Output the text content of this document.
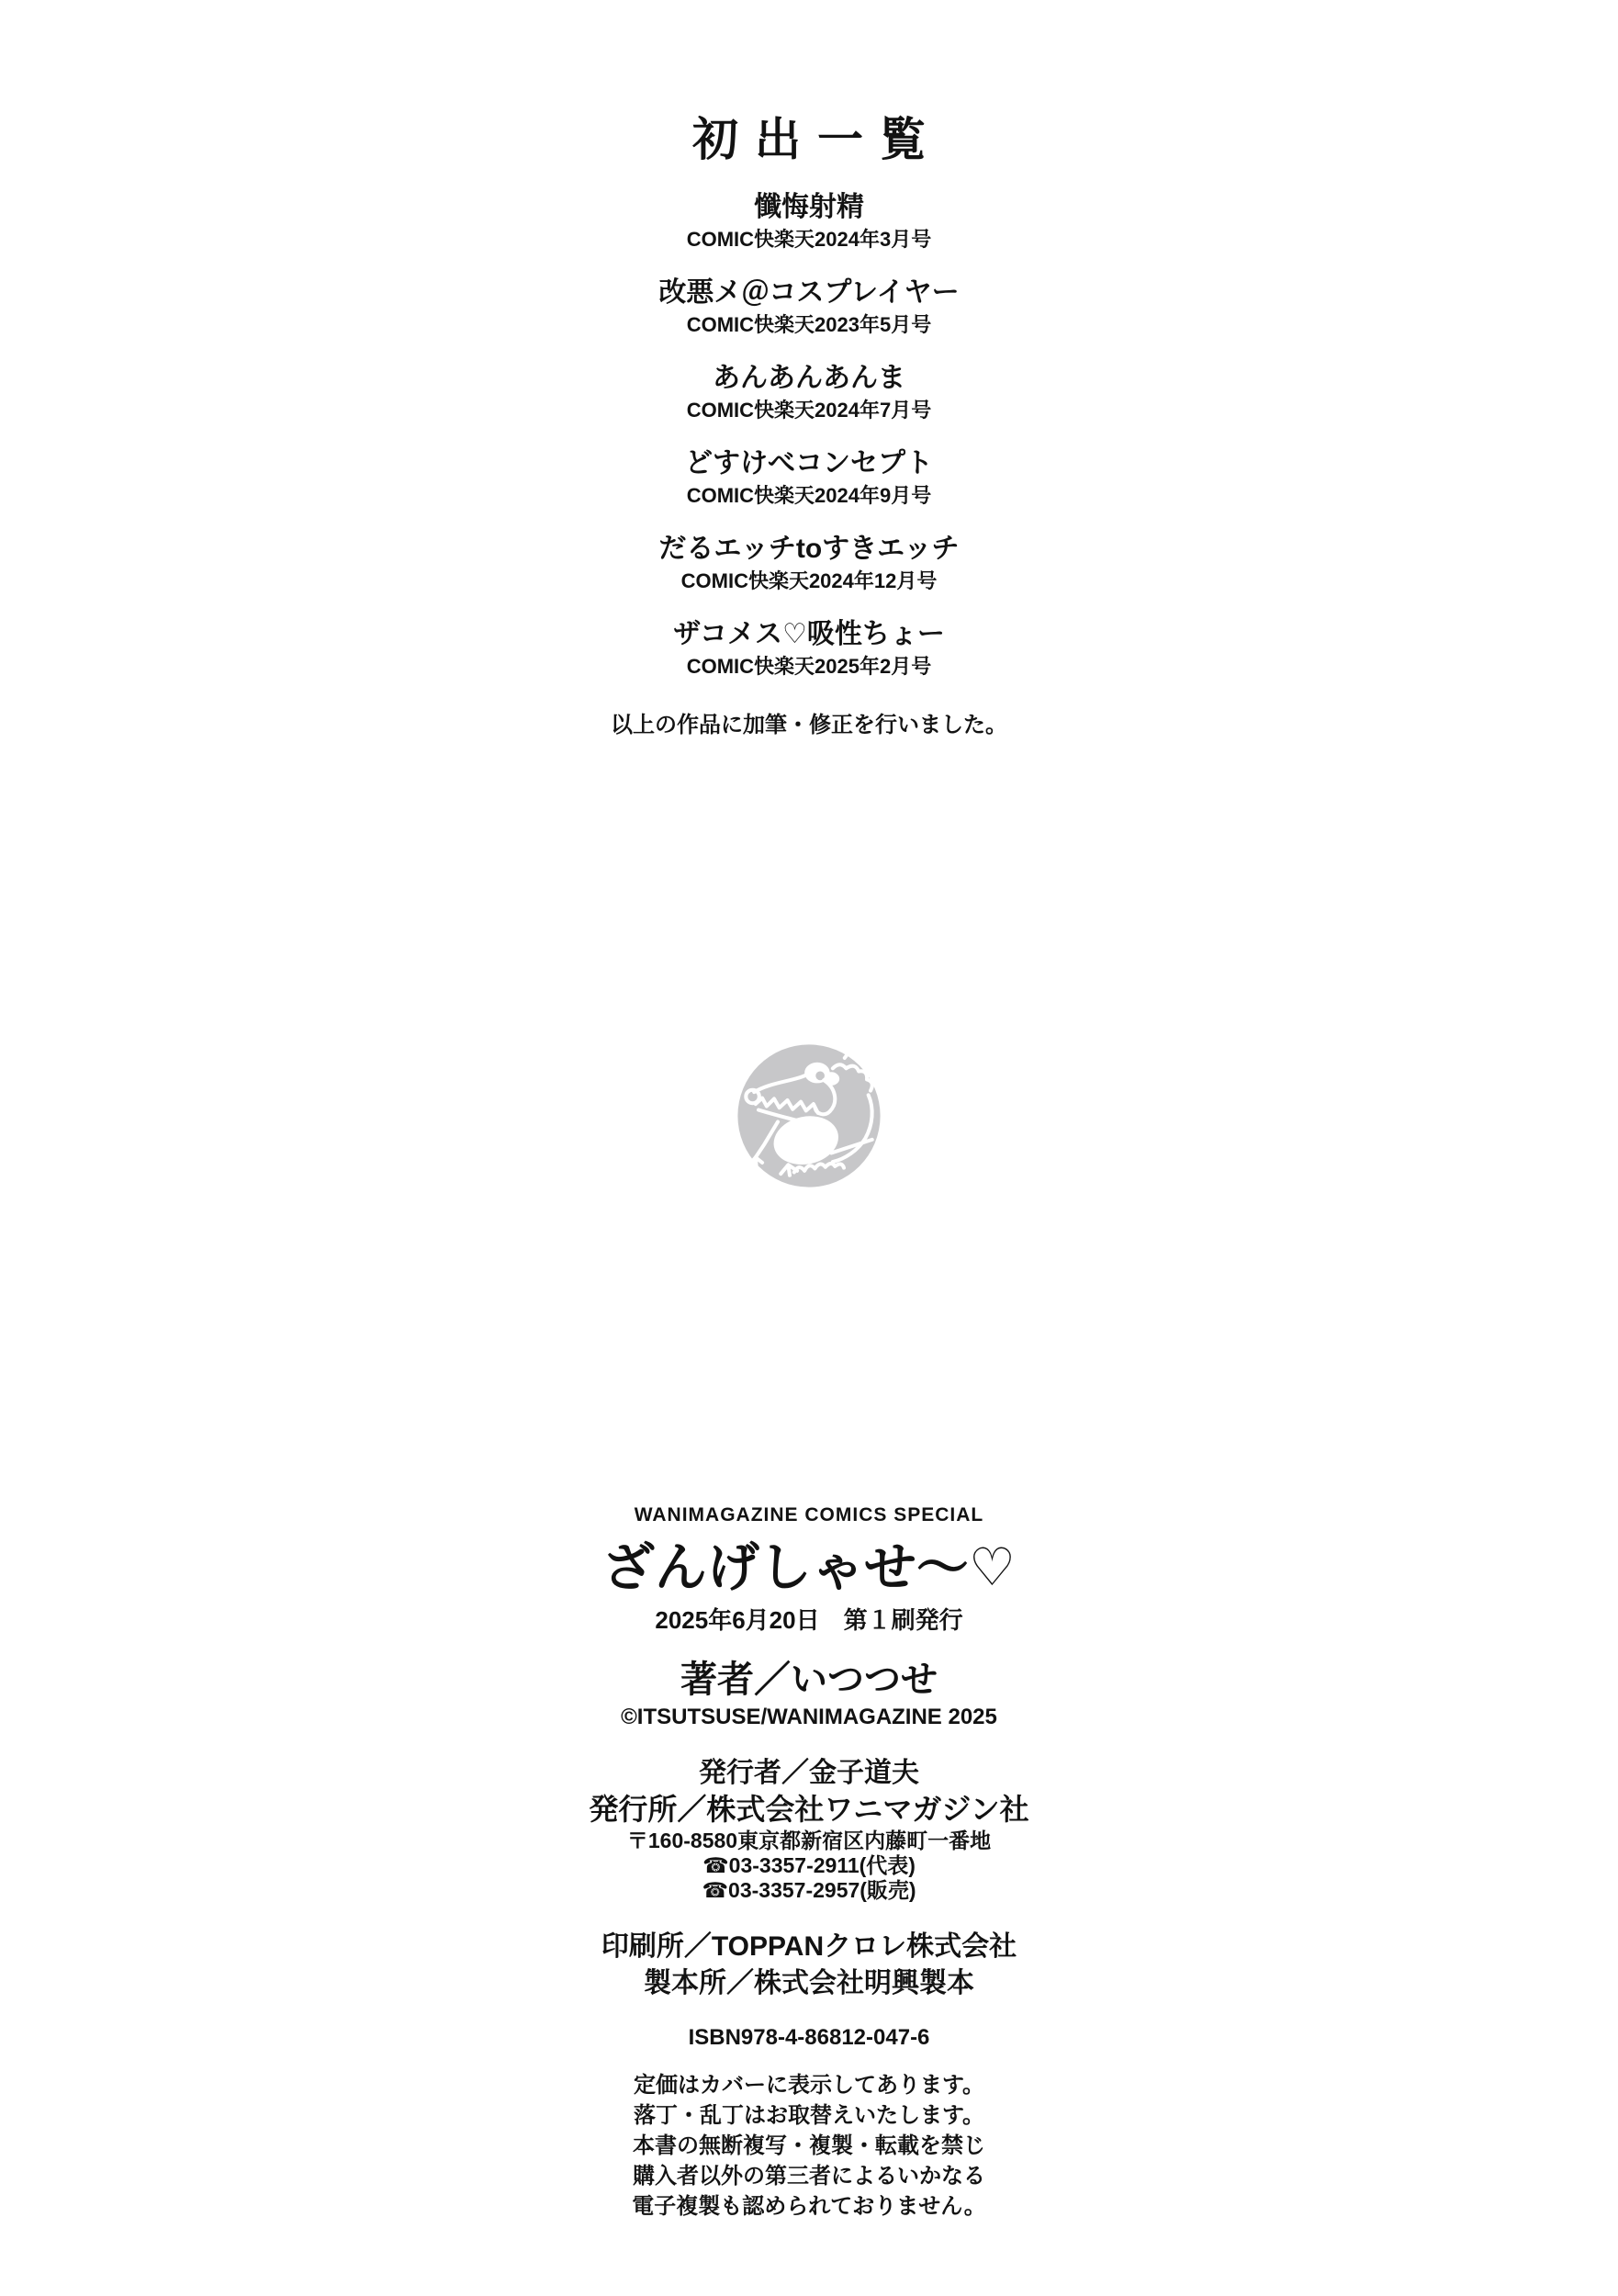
初出一覧
懺悔射精
COMIC快楽天2024年3月号
改悪メ＠コスプレイヤー
COMIC快楽天2023年5月号
あんあんあんま
COMIC快楽天2024年7月号
どすけべコンセプト
COMIC快楽天2024年9月号
だるエッチtoすきエッチ
COMIC快楽天2024年12月号
ザコメス♡吸性ちょー
COMIC快楽天2025年2月号
以上の作品に加筆・修正を行いました。
WANIMAGAZINE COMICS SPECIAL
ざんげしゃせ〜♡
2025年6月20日　第１刷発行
著者／いつつせ
©ITSUTSUSE/WANIMAGAZINE 2025
発行者／金子道夫
発行所／株式会社ワニマガジン社
〒160-8580東京都新宿区内藤町一番地
☎03-3357-2911(代表)
☎03-3357-2957(販売)
印刷所／TOPPANクロレ株式会社
製本所／株式会社明興製本
ISBN978-4-86812-047-6
定価はカバーに表示してあります。
落丁・乱丁はお取替えいたします。
本書の無断複写・複製・転載を禁じ
購入者以外の第三者によるいかなる
電子複製も認められておりません。
